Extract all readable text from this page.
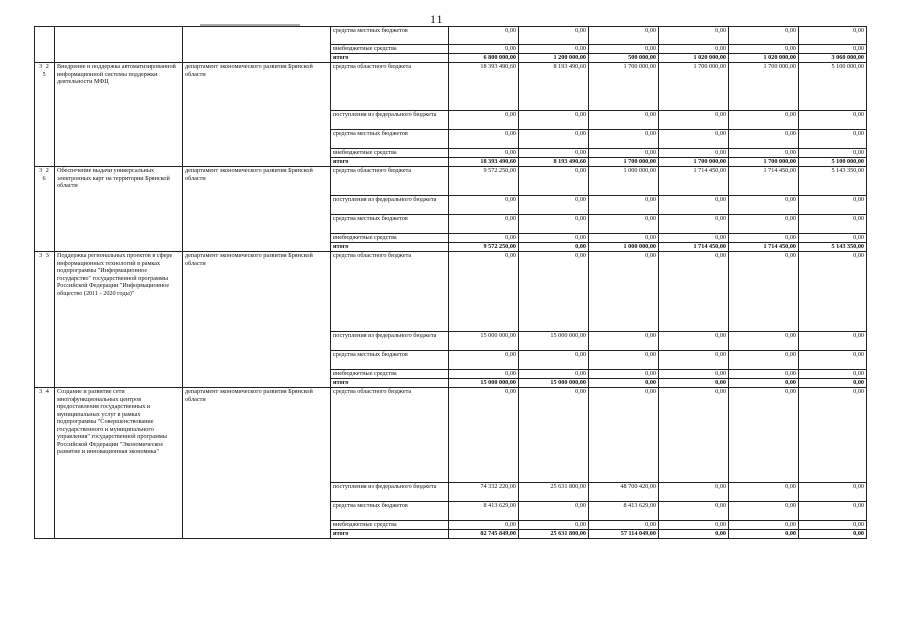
11
			средства местных бюджетов	0,00	0,00	0,00	0,00	0,00	0,00
			внебюджетные средства	0,00	0,00	0,00	0,00	0,00	0,00
			итого	6 800 000,00	1 200 000,00	500 000,00	1 020 000,00	1 020 000,00	3 060 000,00
3 2 5	Внедрение и поддержка автоматизированной информационной системы поддержки деятельности МФЦ	департамент экономического развития Брянской области	средства областного бюджета	18 393 490,60	8 193 490,60	1 700 000,00	1 700 000,00	1 700 000,00	5 100 000,00
			поступления из федерального бюджета	0,00	0,00	0,00	0,00	0,00	0,00
			средства местных бюджетов	0,00	0,00	0,00	0,00	0,00	0,00
			внебюджетные средства	0,00	0,00	0,00	0,00	0,00	0,00
			итого	18 393 490,60	8 193 490,60	1 700 000,00	1 700 000,00	1 700 000,00	5 100 000,00
3 2 6	Обеспечение выдачи универсальных электронных карт на территории Брянской области	департамент экономического развития Брянской области	средства областного бюджета	9 572 250,00	0,00	1 000 000,00	1 714 450,00	1 714 450,00	5 143 350,00
			поступления из федерального бюджета	0,00	0,00	0,00	0,00	0,00	0,00
			средства местных бюджетов	0,00	0,00	0,00	0,00	0,00	0,00
			внебюджетные средства	0,00	0,00	0,00	0,00	0,00	0,00
			итого	9 572 250,00	0,00	1 000 000,00	1 714 450,00	1 714 450,00	5 143 350,00
3 3	Поддержка региональных проектов в сфере информационных технологий в рамках подпрограммы "Информационное государство" государственной программы Российской Федерации "Информационное общество (2011 - 2020 годы)"	департамент экономического развития Брянской области	средства областного бюджета	0,00	0,00	0,00	0,00	0,00	0,00
			поступления из федерального бюджета	15 000 000,00	15 000 000,00	0,00	0,00	0,00	0,00
			средства местных бюджетов	0,00	0,00	0,00	0,00	0,00	0,00
			внебюджетные средства	0,00	0,00	0,00	0,00	0,00	0,00
			итого	15 000 000,00	15 000 000,00	0,00	0,00	0,00	0,00
3 4	Создание и развитие сети многофункциональных центров предоставления государственных и муниципальных услуг в рамках подпрограммы "Совершенствование государственного и муниципального управления" государственной программы Российской Федерации "Экономическое развитие и инновационная экономика"	департамент экономического развития Брянской области	средства областного бюджета	0,00	0,00	0,00	0,00	0,00	0,00
			поступления из федерального бюджета	74 332 220,00	25 631 800,00	48 700 420,00	0,00	0,00	0,00
			средства местных бюджетов	8 413 629,00	0,00	8 413 629,00	0,00	0,00	0,00
			внебюджетные средства	0,00	0,00	0,00	0,00	0,00	0,00
			итого	82 745 849,00	25 631 800,00	57 114 049,00	0,00	0,00	0,00
